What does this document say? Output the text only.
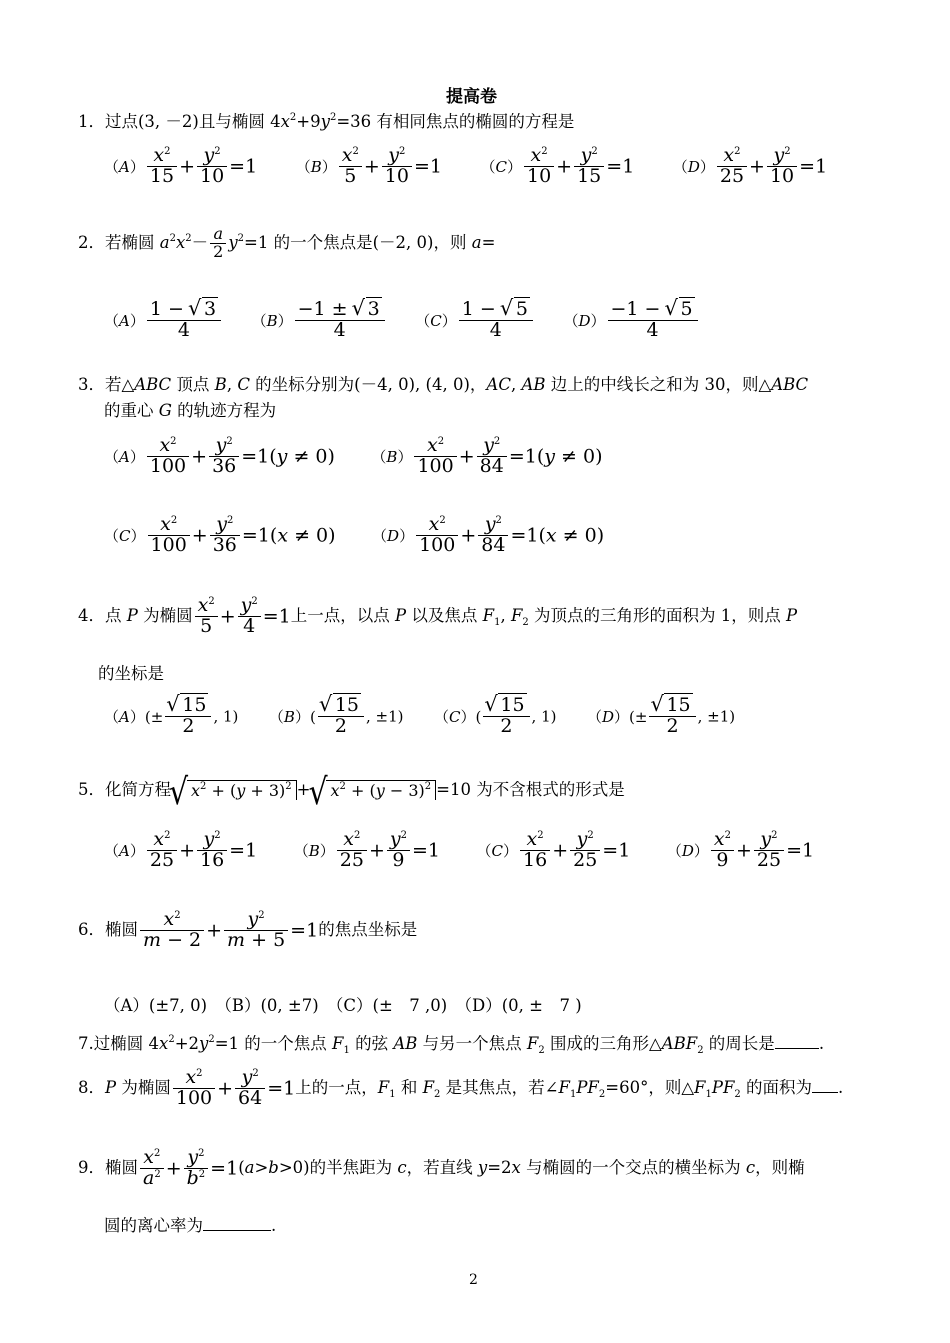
提高卷
1．过点(3, －2)且与椭圆 $4x^2+9y^2=36$ 有相同焦点的椭圆的方程是
$(A) \frac{x^2}{15} + \frac{y^2}{10} =1$	$(B) \frac{x^2}{5} + \frac{y^2}{10} =1$	$(C) \frac{x^2}{10} + \frac{y^2}{15} =1$	$(D) \frac{x^2}{25} + \frac{y^2}{10} =1$
2．若椭圆 $a^2x^2- \frac{a}{2} y^2=1$ 的一个焦点是(－2, 0)，则 a=
$(A) \frac{1 - √ 3}{4} (B) \frac{-1 \pm √ 3}{4} (C) \frac{1 - √ 5}{4} (D) \frac{-1 - √ 5}{4}$
3．若△ABC 顶点 B, C 的坐标分别为(－4, 0), (4, 0)，AC, AB 边上的中线长之和为 30，则△ABC
的重心 G 的轨迹方程为
$(A) \frac{x^2}{100} + \frac{y^2}{36} =1(y \ne 0)$ $(B) \frac{x^2}{100} + \frac{y^2}{84} =1(y \ne 0)$
$(C) \frac{x^2}{100} + \frac{y^2}{36} =1(x \ne 0)$ $(D) \frac{x^2}{100} + \frac{y^2}{84} =1(x \ne 0)$
4．点 P 为椭圆 $\frac{x^2}{5} + \frac{y^2}{4} =1$上一点，以点 P 以及焦点 $F_1$, $F_2$ 为顶点的三角形的面积为 1，则点 P
的坐标是
（A）(± √ $\frac{15}{2}$ , 1) （B）( √ $\frac{15}{2}$ , ±1) （C）( √ $\frac{15}{2}$ , 1) （D）(± √ $\frac{15}{2}$ , ±1)
5．化简方程 √ $x^2 + (y + 3)^2$ + √ $x^2 + (y - 3)^2 =10$ 为不含根式的形式是
$(A) \frac{x^2}{25} + \frac{y^2}{16} =1$ $(B) \frac{x^2}{25} + \frac{y^2}{9} =1$ $(C) \frac{x^2}{16} + \frac{y^2}{25} =1$ $(D) \frac{x^2}{9} + \frac{y^2}{25} =1$
6．椭圆 $\frac{x^2}{m - 2} + \frac{y^2}{m + 5} =1$的焦点坐标是
（A）(±7, 0)　（B）(0, ±7)　（C）(±　7 ,0)　（D）(0, ±　7 )
7.过椭圆 $4x^2+2y^2=1$ 的一个焦点 $F_1$ 的弦 AB 与另一个焦点 $F_2$ 围成的三角形$\triangle ABF_2$ 的周长是	.
8．P 为椭圆 $\frac{x^2}{100} + \frac{y^2}{64} =1$上的一点，$F_1$ 和 $F_2$ 是其焦点，若$\angle F_1PF_2=60^\circ$，则$\triangle F_1PF_2$ 的面积为 .
9．椭圆 $\frac{x^2}{a^2} + \frac{y^2}{b^2} =1(a>b>0)$的半焦距为 c，若直线 y=2x 与椭圆的一个交点的横坐标为 c，则椭
圆的离心率为	.
2
